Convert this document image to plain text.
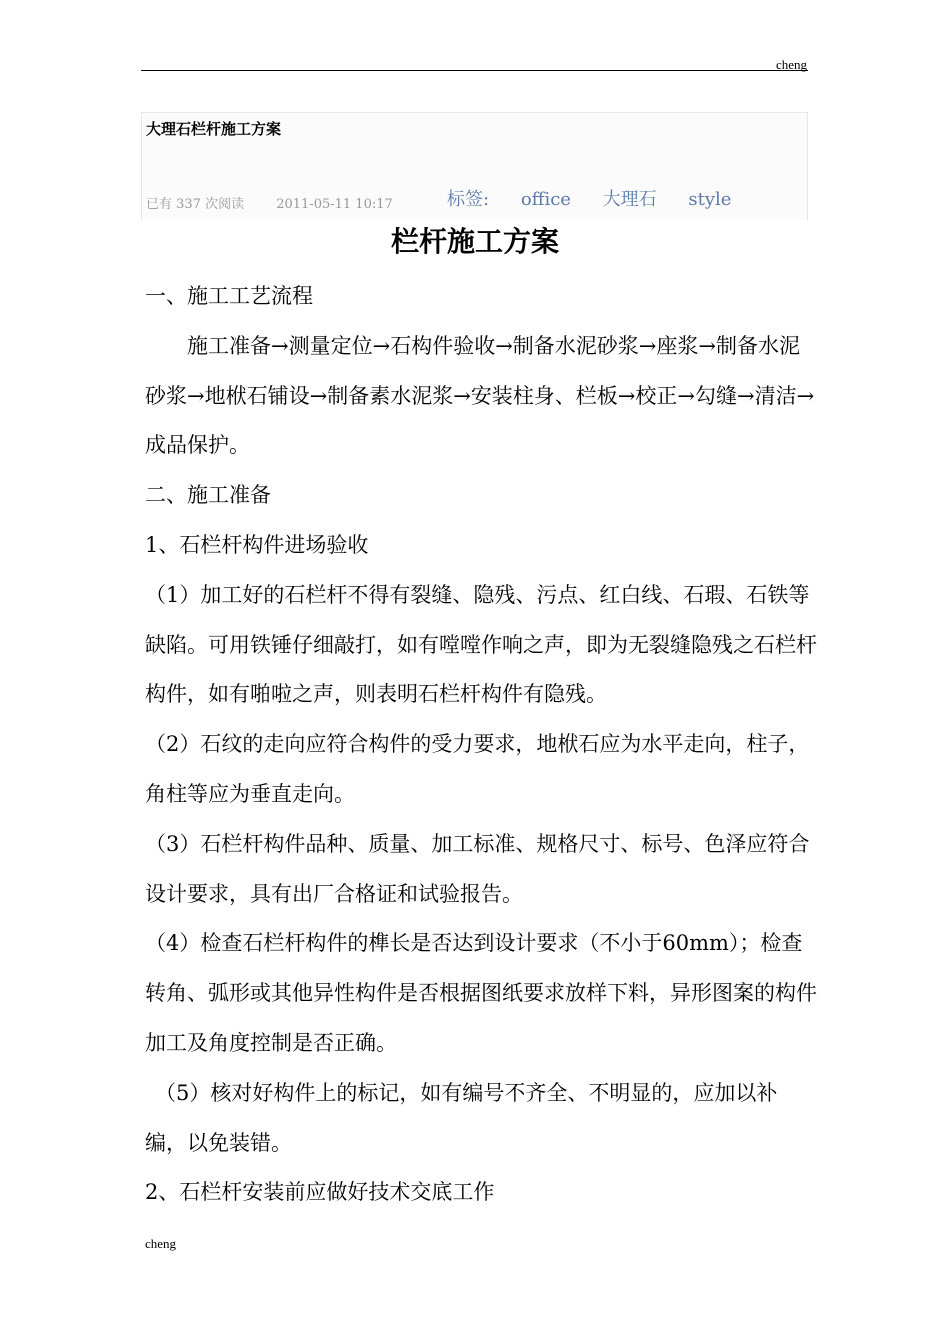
cheng
大理石栏杆施工方案
已有 337 次阅读 2011-05-11 10:17	标签: office 大理石 style
栏杆施工方案

一、施工工艺流程

施工准备→测量定位→石构件验收→制备水泥砂浆→座浆→制备水泥砂浆→地栿石铺设→制备素水泥浆→安装柱身、栏板→校正→勾缝→清洁→成品保护。

二、施工准备

1、石栏杆构件进场验收

（1）加工好的石栏杆不得有裂缝、隐残、污点、红白线、石瑕、石铁等缺陷。可用铁锤仔细敲打，如有嘡嘡作响之声，即为无裂缝隐残之石栏杆构件，如有啪啦之声，则表明石栏杆构件有隐残。

（2）石纹的走向应符合构件的受力要求，地栿石应为水平走向，柱子，角柱等应为垂直走向。

（3）石栏杆构件品种、质量、加工标准、规格尺寸、标号、色泽应符合设计要求，具有出厂合格证和试验报告。

（4）检查石栏杆构件的榫长是否达到设计要求（不小于60mm）；检查转角、弧形或其他异性构件是否根据图纸要求放样下料，异形图案的构件加工及角度控制是否正确。

（5）核对好构件上的标记，如有编号不齐全、不明显的，应加以补编，以免装错。

2、石栏杆安装前应做好技术交底工作

cheng
